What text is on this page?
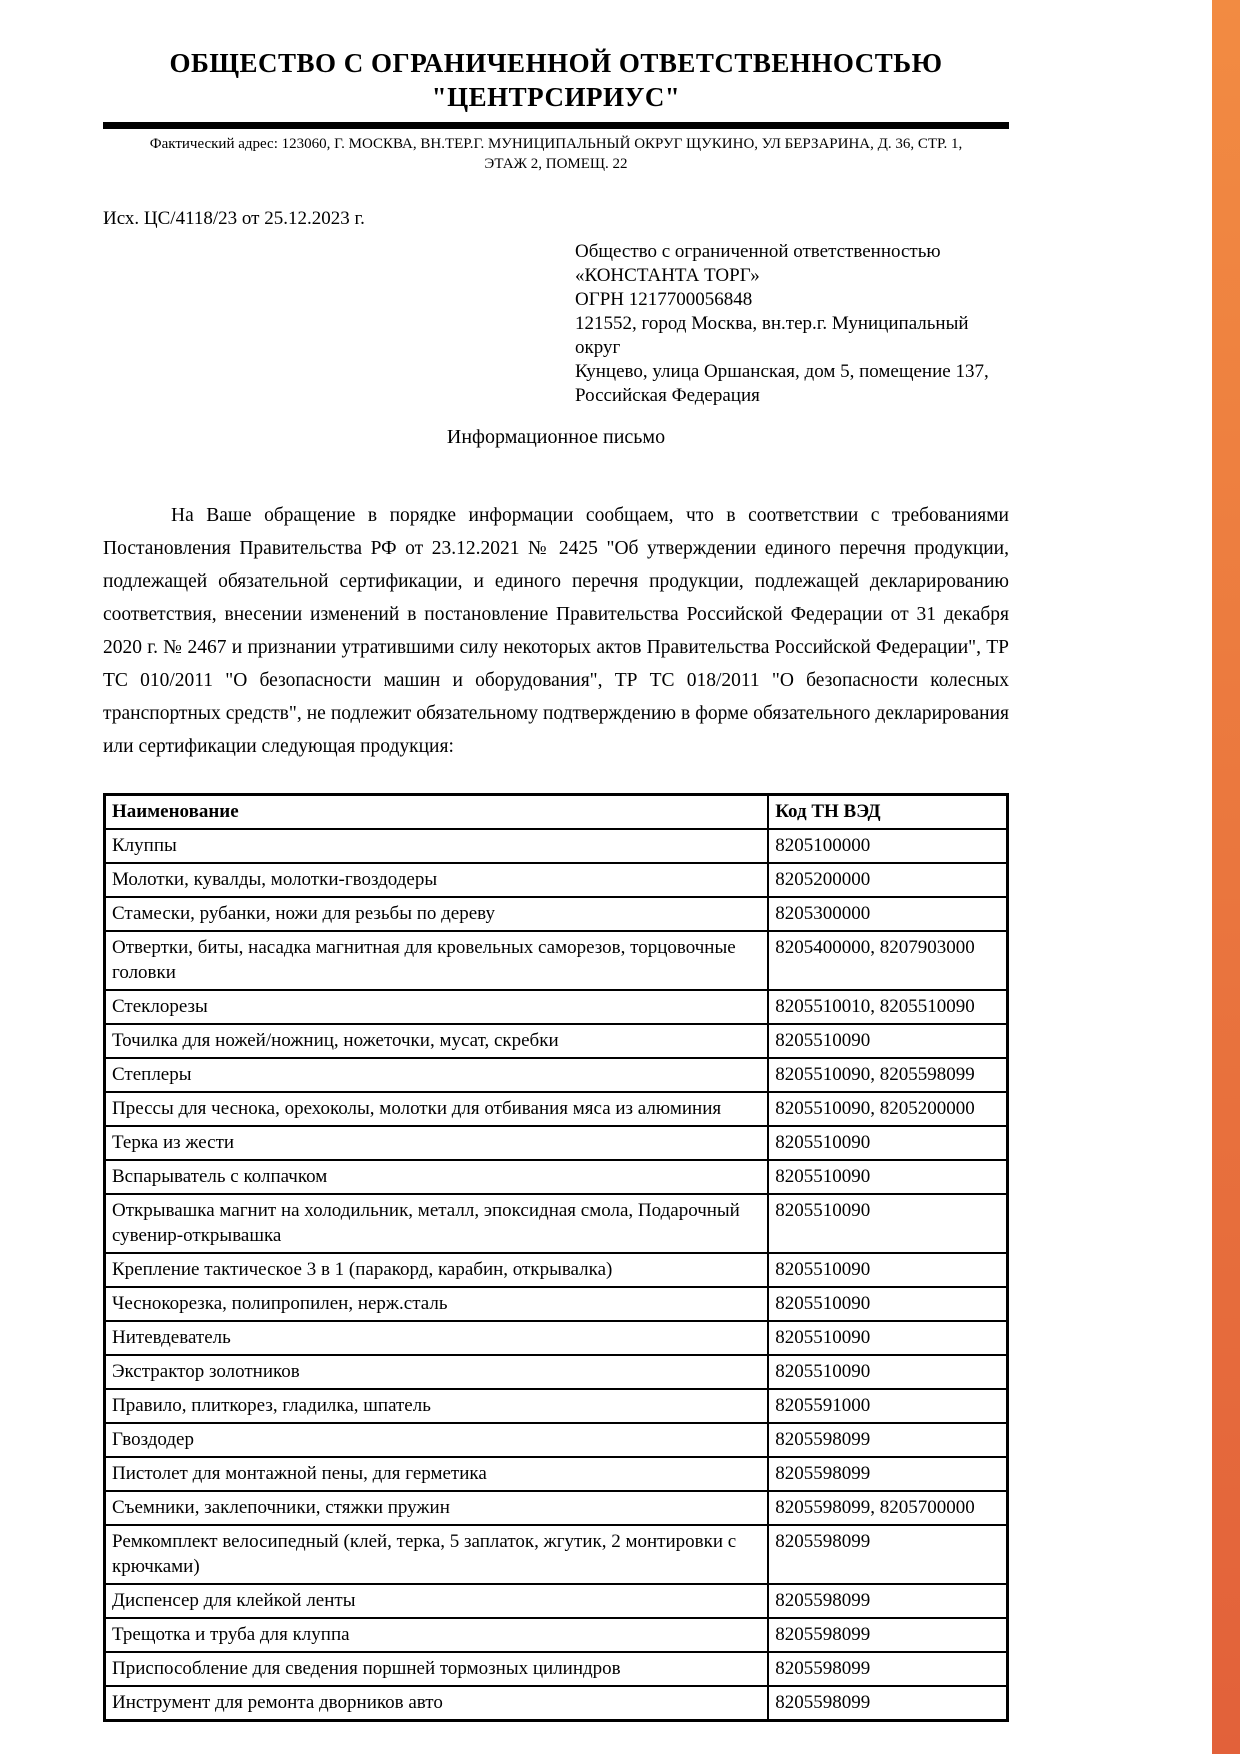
ОБЩЕСТВО С ОГРАНИЧЕННОЙ ОТВЕТСТВЕННОСТЬЮ
"ЦЕНТРСИРИУС"
Фактический адрес: 123060, Г. МОСКВА, ВН.ТЕР.Г. МУНИЦИПАЛЬНЫЙ ОКРУГ ЩУКИНО, УЛ БЕРЗАРИНА, Д. 36, СТР. 1,
ЭТАЖ 2, ПОМЕЩ. 22
Исх. ЦС/4118/23 от 25.12.2023 г.
Общество с ограниченной ответственностью
«КОНСТАНТА ТОРГ»
ОГРН 1217700056848
121552, город Москва, вн.тер.г. Муниципальный округ
Кунцево, улица Оршанская, дом 5, помещение 137,
Российская Федерация
Информационное письмо
На Ваше обращение в порядке информации сообщаем, что в соответствии с требованиями Постановления Правительства РФ от 23.12.2021 № 2425 "Об утверждении единого перечня продукции, подлежащей обязательной сертификации, и единого перечня продукции, подлежащей декларированию соответствия, внесении изменений в постановление Правительства Российской Федерации от 31 декабря 2020 г. № 2467 и признании утратившими силу некоторых актов Правительства Российской Федерации", ТР ТС 010/2011 "О безопасности машин и оборудования", ТР ТС 018/2011 "О безопасности колесных транспортных средств", не подлежит обязательному подтверждению в форме обязательного декларирования или сертификации следующая продукция:
Наименование	Код ТН ВЭД
Клуппы	8205100000
Молотки, кувалды, молотки-гвоздодеры	8205200000
Стамески, рубанки, ножи для резьбы по дереву	8205300000
Отвертки, биты, насадка магнитная для кровельных саморезов, торцовочные головки	8205400000, 8207903000
Стеклорезы	8205510010, 8205510090
Точилка для ножей/ножниц, ножеточки, мусат, скребки	8205510090
Степлеры	8205510090, 8205598099
Прессы для чеснока, орехоколы, молотки для отбивания мяса из алюминия	8205510090, 8205200000
Терка из жести	8205510090
Вспарыватель с колпачком	8205510090
Открывашка магнит на холодильник, металл, эпоксидная смола, Подарочный сувенир-открывашка	8205510090
Крепление тактическое 3 в 1 (паракорд, карабин, открывалка)	8205510090
Чеснокорезка, полипропилен, нерж.сталь	8205510090
Нитевдеватель	8205510090
Экстрактор золотников	8205510090
Правило, плиткорез, гладилка, шпатель	8205591000
Гвоздодер	8205598099
Пистолет для монтажной пены, для герметика	8205598099
Съемники, заклепочники, стяжки пружин	8205598099, 8205700000
Ремкомплект велосипедный (клей, терка, 5 заплаток, жгутик, 2 монтировки с крючками)	8205598099
Диспенсер для клейкой ленты	8205598099
Трещотка и труба для клуппа	8205598099
Приспособление для сведения поршней тормозных цилиндров	8205598099
Инструмент для ремонта дворников авто	8205598099
